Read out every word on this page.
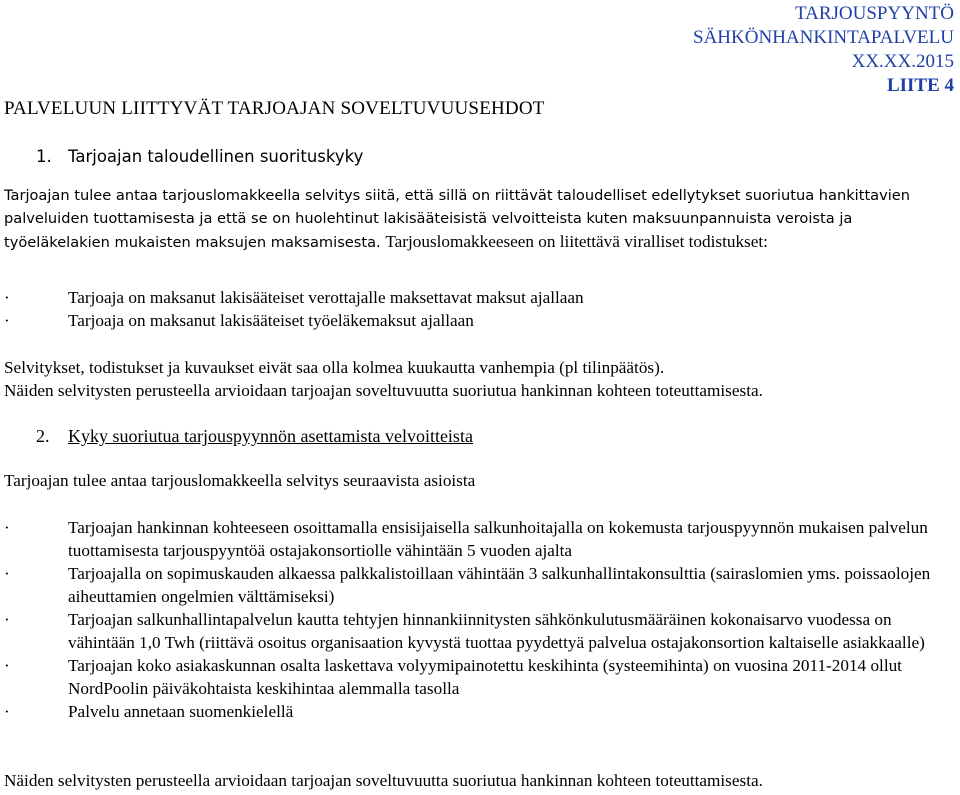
TARJOUSPYYNTÖ
SÄHKÖNHANKINTAPALVELU
XX.XX.2015
LIITE 4
PALVELUUN LIITTYVÄT TARJOAJAN SOVELTUVUUSEHDOT
1. Tarjoajan taloudellinen suorituskyky

Tarjoajan tulee antaa tarjouslomakkeella selvitys siitä, että sillä on riittävät taloudelliset edellytykset suoriutua hankittavien palveluiden tuottamisesta ja että se on huolehtinut lakisääteisistä velvoitteista kuten maksuunpannuista veroista ja työeläkelakien mukaisten maksujen maksamisesta. Tarjouslomakkeeseen on liitettävä viralliset todistukset:

·	Tarjoaja on maksanut lakisääteiset verottajalle maksettavat maksut ajallaan
·	Tarjoaja on maksanut lakisääteiset työeläkemaksut ajallaan

Selvitykset, todistukset ja kuvaukset eivät saa olla kolmea kuukautta vanhempia (pl tilinpäätös).

Näiden selvitysten perusteella arvioidaan tarjoajan soveltuvuutta suoriutua hankinnan kohteen toteuttamisesta.

2. Kyky suoriutua tarjouspyynnön asettamista velvoitteista

Tarjoajan tulee antaa tarjouslomakkeella selvitys seuraavista asioista

·	Tarjoajan hankinnan kohteeseen osoittamalla ensisijaisella salkunhoitajalla on kokemusta tarjouspyynnön mukaisen palvelun tuottamisesta tarjouspyyntöä ostajakonsortiolle vähintään 5 vuoden ajalta
·	Tarjoajalla on sopimuskauden alkaessa palkkalistoillaan vähintään 3 salkunhallintakonsulttia (sairaslomien yms. poissaolojen aiheuttamien ongelmien välttämiseksi)
·	Tarjoajan salkunhallintapalvelun kautta tehtyjen hinnankiinnitysten sähkönkulutusmääräinen kokonaisarvo vuodessa on vähintään 1,0 Twh (riittävä osoitus organisaation kyvystä tuottaa pyydettyä palvelua ostajakonsortion kaltaiselle asiakkaalle)
·	Tarjoajan koko asiakaskunnan osalta laskettava volyymipainotettu keskihinta (systeemihinta) on vuosina 2011-2014 ollut NordPoolin päiväkohtaista keskihintaa alemmalla tasolla
·	Palvelu annetaan suomenkielellä

Näiden selvitysten perusteella arvioidaan tarjoajan soveltuvuutta suoriutua hankinnan kohteen toteuttamisesta.
